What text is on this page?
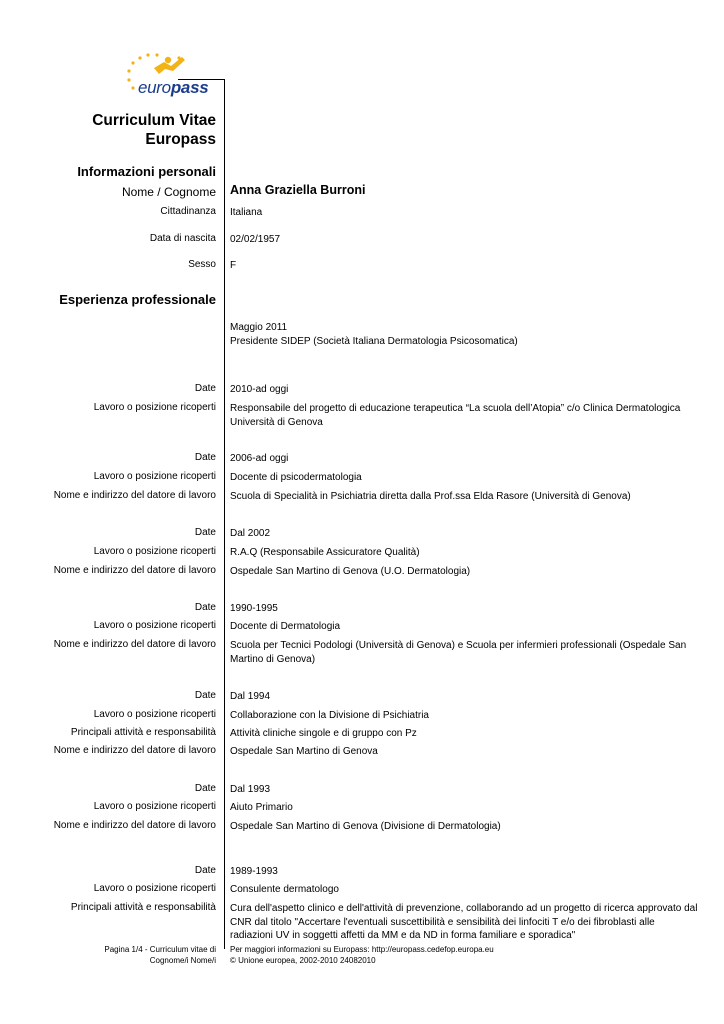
europass
Curriculum Vitae
Europass
Informazioni personali
Nome / Cognome Anna Graziella Burroni
Cittadinanza Italiana
Data di nascita 02/02/1957
Sesso F
Esperienza professionale
Maggio 2011
Presidente SIDEP (Società Italiana Dermatologia Psicosomatica)
Date 2010-ad oggi
Lavoro o posizione ricoperti Responsabile del progetto di educazione terapeutica “La scuola dell’Atopia” c/o Clinica Dermatologica Università di Genova
Date 2006-ad oggi
Lavoro o posizione ricoperti Docente di psicodermatologia
Nome e indirizzo del datore di lavoro Scuola di Specialità in Psichiatria diretta dalla Prof.ssa Elda Rasore (Università di Genova)
Date Dal 2002
Lavoro o posizione ricoperti R.A.Q (Responsabile Assicuratore Qualità)
Nome e indirizzo del datore di lavoro Ospedale San Martino di Genova (U.O. Dermatologia)
Date 1990-1995
Lavoro o posizione ricoperti Docente di Dermatologia
Nome e indirizzo del datore di lavoro Scuola per Tecnici Podologi (Università di Genova) e Scuola per infermieri professionali (Ospedale San Martino di Genova)
Date Dal 1994
Lavoro o posizione ricoperti Collaborazione con la Divisione di Psichiatria
Principali attività e responsabilità Attività cliniche singole e di gruppo con Pz
Nome e indirizzo del datore di lavoro Ospedale San Martino di Genova
Date Dal 1993
Lavoro o posizione ricoperti Aiuto Primario
Nome e indirizzo del datore di lavoro Ospedale San Martino di Genova (Divisione di Dermatologia)
Date 1989-1993
Lavoro o posizione ricoperti Consulente dermatologo
Principali attività e responsabilità Cura dell'aspetto clinico e dell'attività di prevenzione, collaborando ad un progetto di ricerca approvato dal CNR dal titolo "Accertare l'eventuali suscettibilità e sensibilità dei linfociti T e/o dei fibroblasti alle radiazioni UV in soggetti affetti da MM e da ND in forma familiare e sporadica"
Pagina 1/4 - Curriculum vitae di
Cognome/i Nome/i
Per maggiori informazioni su Europass: http://europass.cedefop.europa.eu
© Unione europea, 2002-2010 24082010
